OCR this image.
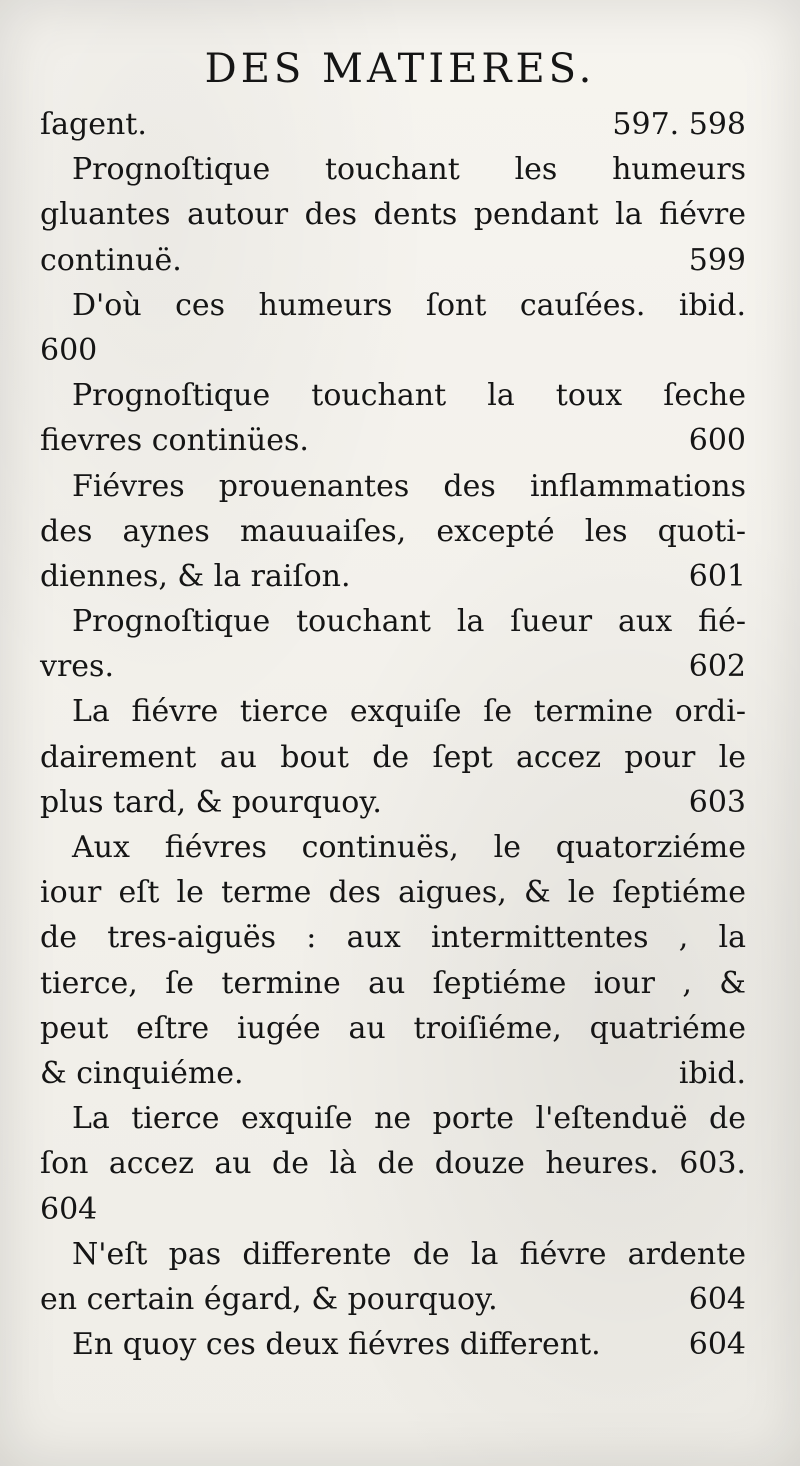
DES MATIERES.
ſagent.	597. 598
Prognoſtique touchant les humeurs
gluantes autour des dents pendant la fiévre
continuë.	599
D'où ces humeurs ſont cauſées. ibid.
600
Prognoſtique touchant la toux ſeche
fievres continües.	600
Fiévres prouenantes des inflammations
des aynes mauuaiſes, excepté les quoti-
diennes, & la raiſon.	601
Prognoſtique touchant la ſueur aux fié-
vres.	602
La fiévre tierce exquiſe ſe termine ordi-
dairement au bout de ſept accez pour le
plus tard, & pourquoy.	603
Aux fiévres continuës, le quatorziéme
iour eſt le terme des aigues, & le ſeptiéme
de tres-aiguës : aux intermittentes , la
tierce, ſe termine au ſeptiéme iour , &
peut eſtre iugée au troiſiéme, quatriéme
& cinquiéme.	ibid.
La tierce exquiſe ne porte l'eſtenduë de
ſon accez au de là de douze heures. 603.
604
N'eſt pas differente de la fiévre ardente
en certain égard, & pourquoy.	604
En quoy ces deux fiévres different.	604
